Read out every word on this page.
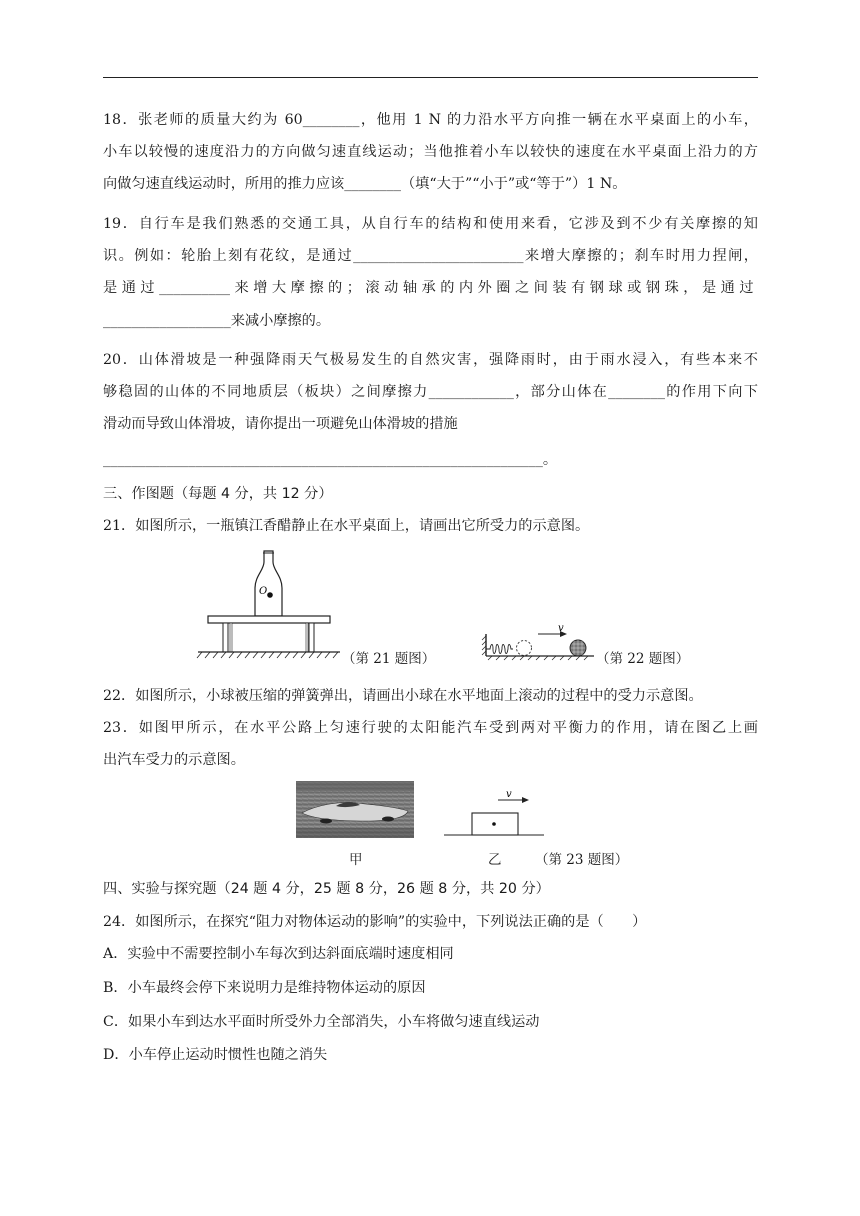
18．张老师的质量大约为 60________，他用 1 N 的力沿水平方向推一辆在水平桌面上的小车，
小车以较慢的速度沿力的方向做匀速直线运动；当他推着小车以较快的速度在水平桌面上沿力的方
向做匀速直线运动时，所用的推力应该________（填“大于”“小于”或“等于”）1 N。
19．自行车是我们熟悉的交通工具，从自行车的结构和使用来看，它涉及到不少有关摩擦的知
识。例如：轮胎上刻有花纹，是通过________________________来增大摩擦的；刹车时用力捏闸，
是 通 过 __________ 来 增 大 摩 擦 的 ； 滚 动 轴 承 的 内 外 圈 之 间 装 有 钢 球 或 钢 珠 ， 是 通 过
__________________来减小摩擦的。
20．山体滑坡是一种强降雨天气极易发生的自然灾害，强降雨时，由于雨水浸入，有些本来不
够稳固的山体的不同地质层（板块）之间摩擦力____________，部分山体在________的作用下向下
滑动而导致山体滑坡，请你提出一项避免山体滑坡的措施
______________________________________________________________。
三、作图题（每题 4 分，共 12 分）
21．如图所示，一瓶镇江香醋静止在水平桌面上，请画出它所受力的示意图。
O
（第 21 题图）
v
（第 22 题图）
22．如图所示，小球被压缩的弹簧弹出，请画出小球在水平地面上滚动的过程中的受力示意图。
23．如图甲所示，在水平公路上匀速行驶的太阳能汽车受到两对平衡力的作用，请在图乙上画
出汽车受力的示意图。
甲
v
乙 （第 23 题图）
四、实验与探究题（24 题 4 分，25 题 8 分，26 题 8 分，共 20 分）
24．如图所示，在探究“阻力对物体运动的影响”的实验中，下列说法正确的是（　　）
A．实验中不需要控制小车每次到达斜面底端时速度相同
B．小车最终会停下来说明力是维持物体运动的原因
C．如果小车到达水平面时所受外力全部消失，小车将做匀速直线运动
D．小车停止运动时惯性也随之消失
